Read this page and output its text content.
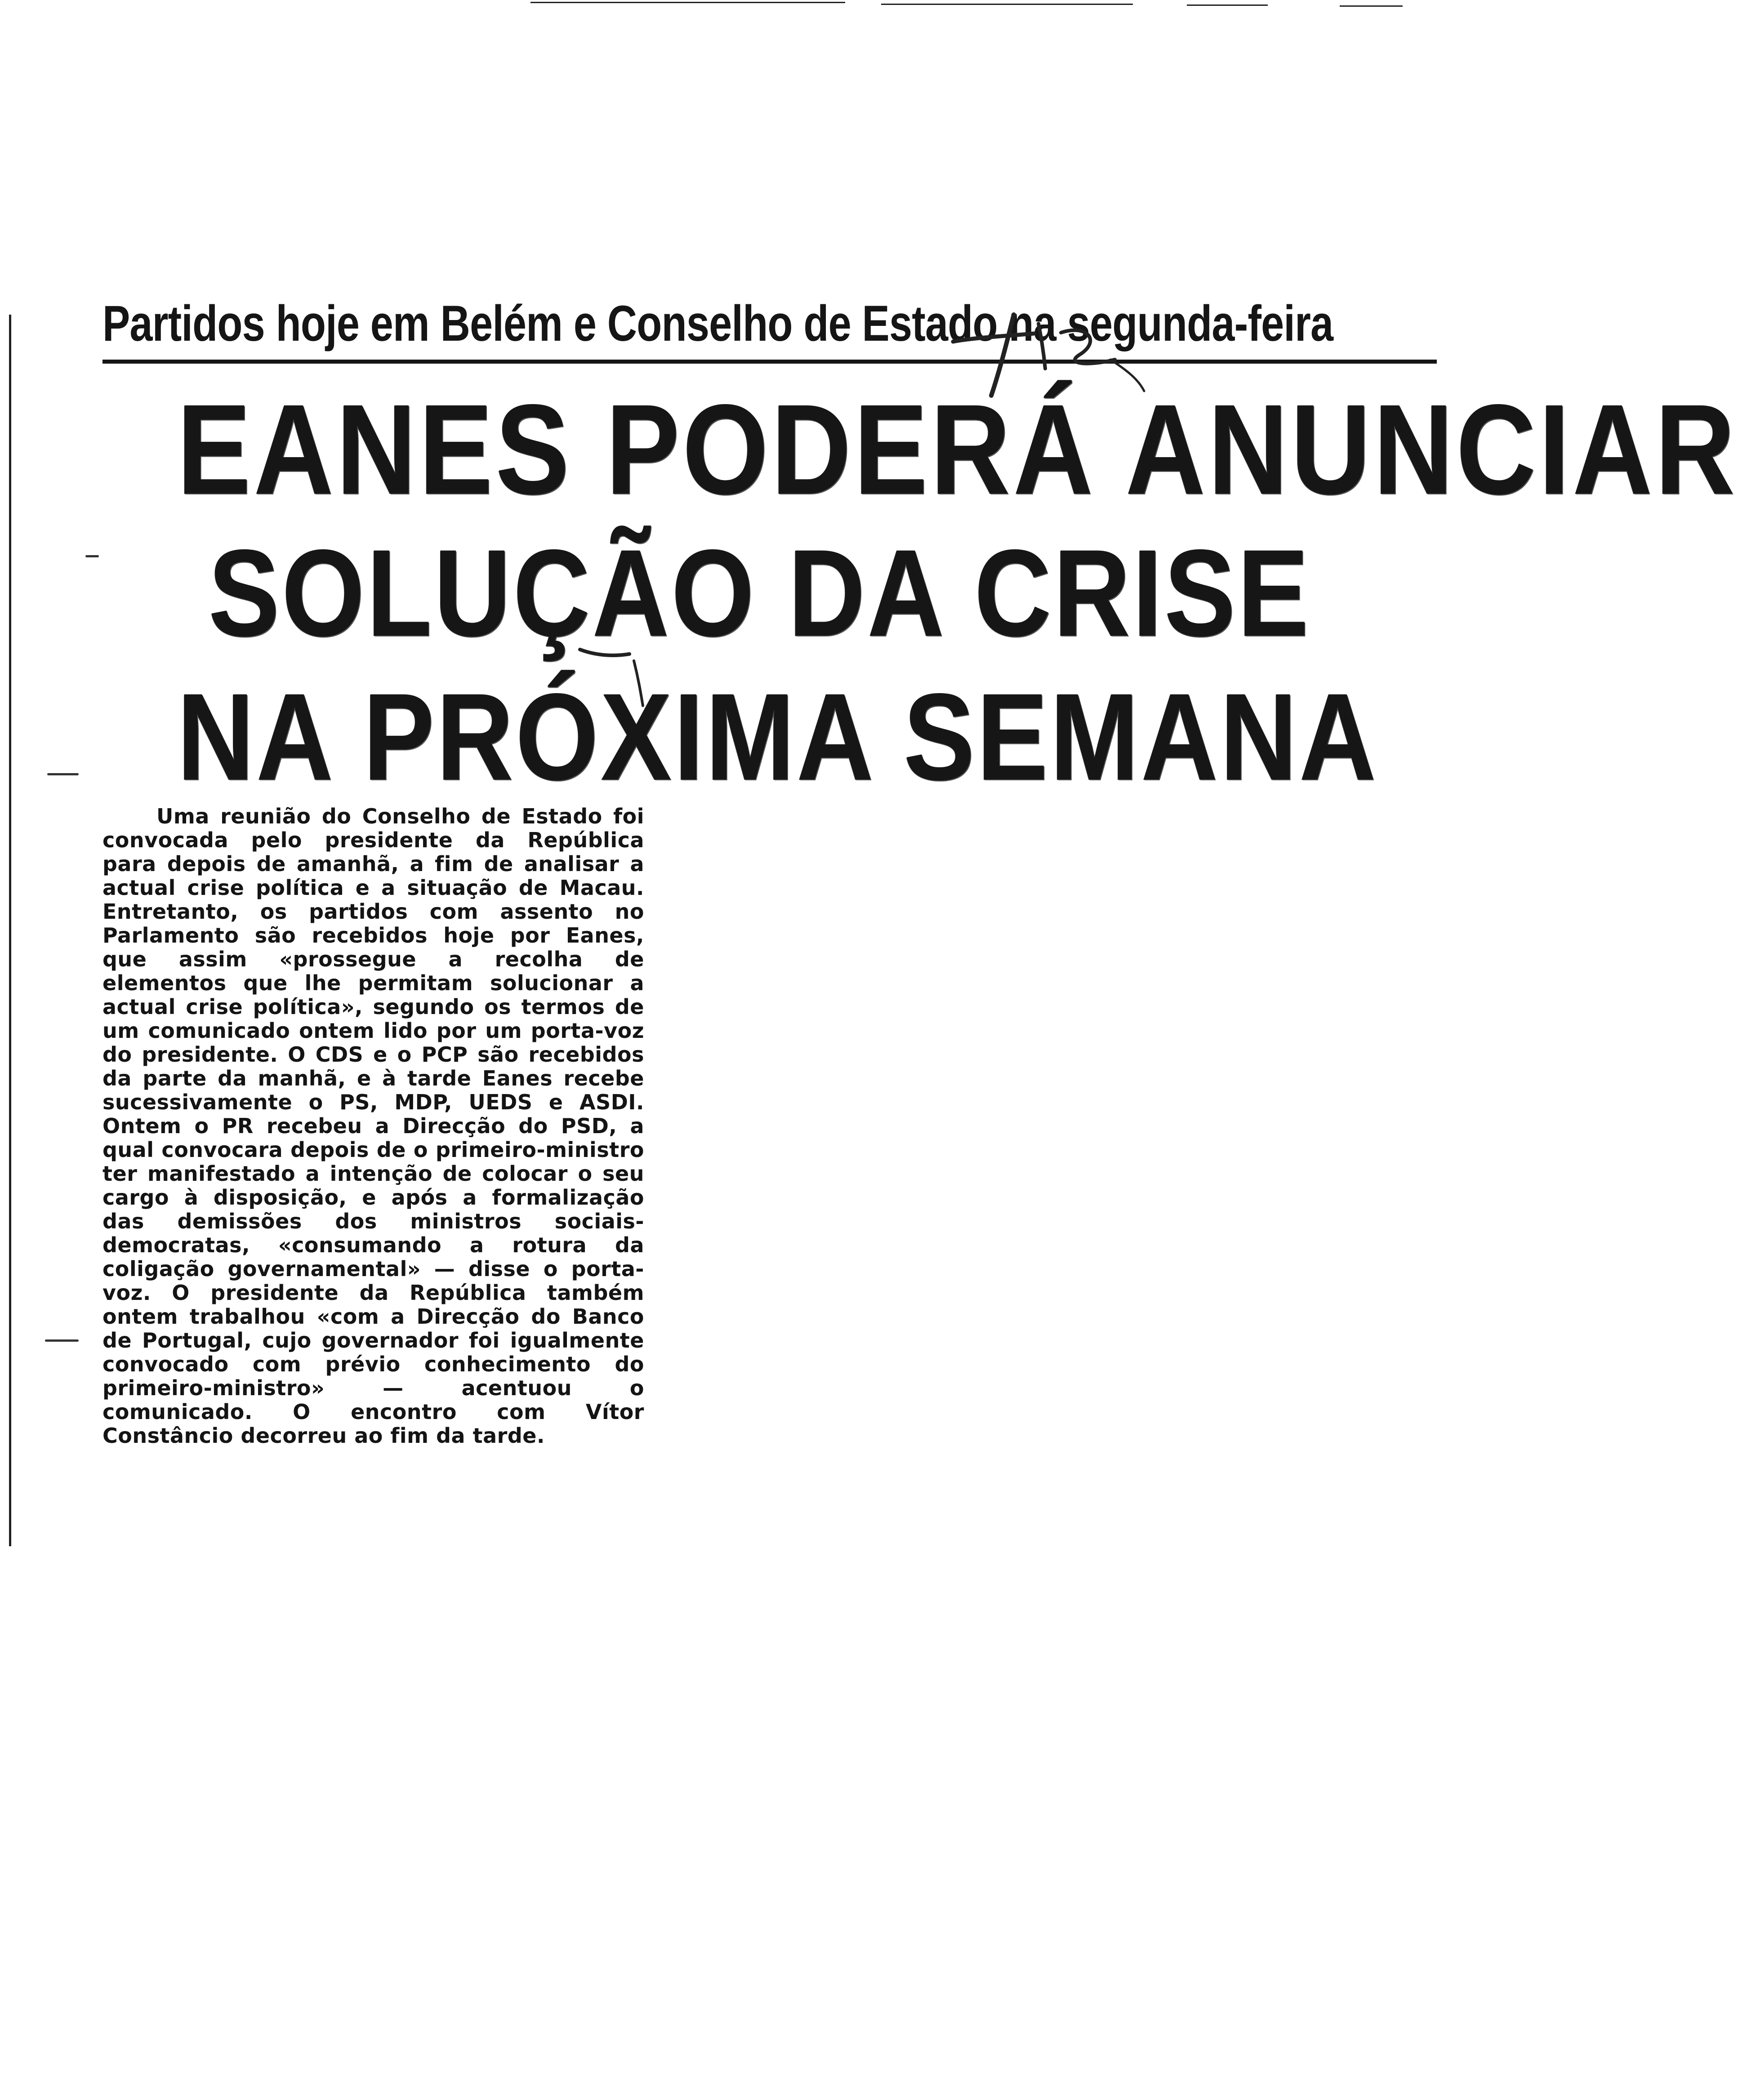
Partidos hoje em Belém e Conselho de Estado na segunda-feira
EANES PODERÁ ANUNCIAR
SOLUÇÃO DA CRISE
NA PRÓXIMA SEMANA
Uma reunião do Conselho de Estado foi convocada pelo presidente da República para depois de amanhã, a fim de analisar a actual crise política e a situação de Macau. Entretanto, os partidos com assento no Parlamento são recebidos hoje por Eanes, que assim «prossegue a recolha de elementos que lhe permitam solucionar a actual crise política», segundo os termos de um comunicado ontem lido por um porta-voz do presidente. O CDS e o PCP são recebidos da parte da manhã, e à tarde Eanes recebe sucessivamente o PS, MDP, UEDS e ASDI. Ontem o PR recebeu a Direcção do PSD, a qual convocara depois de o primeiro-ministro ter manifestado a intenção de colocar o seu cargo à disposição, e após a formalização das demissões dos ministros sociais-democratas, «consumando a rotura da coligação governamental» — disse o porta-voz. O presidente da República também ontem trabalhou «com a Direcção do Banco de Portugal, cujo governador foi igualmente convocado com prévio conhecimento do primeiro-ministro» — acentuou o comunicado. O encontro com Vítor Constâncio decorreu ao fim da tarde.
